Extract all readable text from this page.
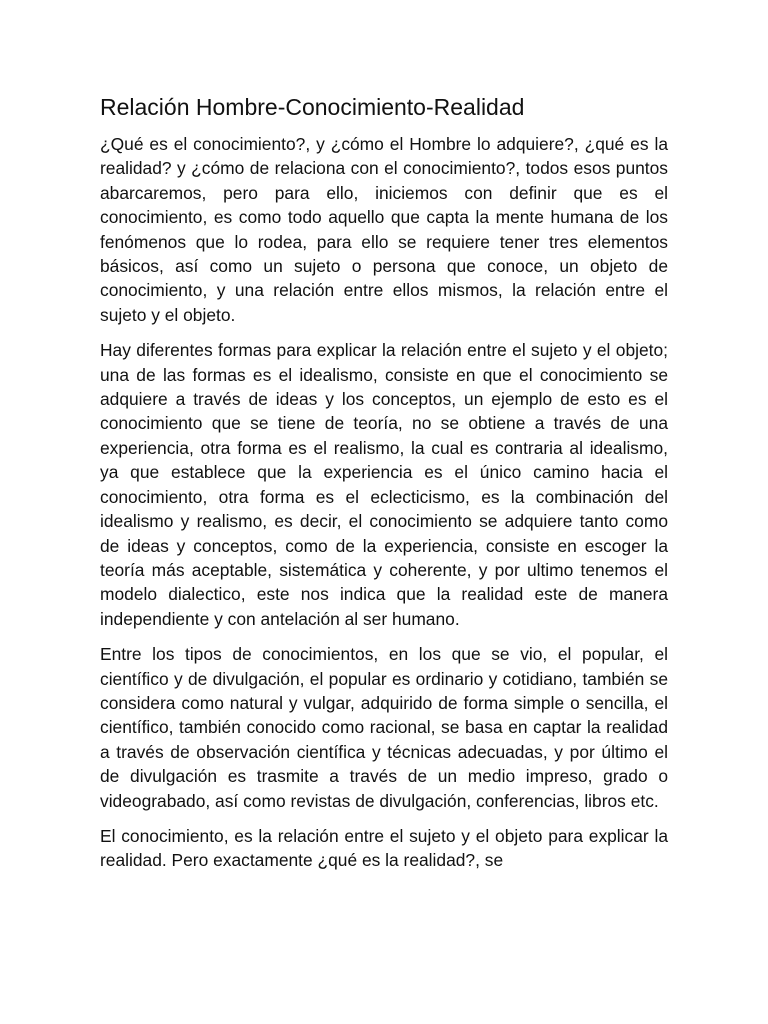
Relación Hombre-Conocimiento-Realidad

¿Qué es el conocimiento?, y ¿cómo el Hombre lo adquiere?, ¿qué es la realidad? y ¿cómo de relaciona con el conocimiento?, todos esos puntos abarcaremos, pero para ello, iniciemos con definir que es el conocimiento, es como todo aquello que capta la mente humana de los fenómenos que lo rodea, para ello se requiere tener tres elementos básicos, así como un sujeto o persona que conoce, un objeto de conocimiento, y una relación entre ellos mismos, la relación entre el sujeto y el objeto.

Hay diferentes formas para explicar la relación entre el sujeto y el objeto; una de las formas es el idealismo, consiste en que el conocimiento se adquiere a través de ideas y los conceptos, un ejemplo de esto es el conocimiento que se tiene de teoría, no se obtiene a través de una experiencia, otra forma es el realismo, la cual es contraria al idealismo, ya que establece que la experiencia es el único camino hacia el conocimiento, otra forma es el eclecticismo, es la combinación del idealismo y realismo, es decir, el conocimiento se adquiere tanto como de ideas y conceptos, como de la experiencia, consiste en escoger la teoría más aceptable, sistemática y coherente, y por ultimo tenemos el modelo dialectico, este nos indica que la realidad este de manera independiente y con antelación al ser humano.

Entre los tipos de conocimientos, en los que se vio, el popular, el científico y de divulgación, el popular es ordinario y cotidiano, también se considera como natural y vulgar, adquirido de forma simple o sencilla, el científico, también conocido como racional, se basa en captar la realidad a través de observación científica y técnicas adecuadas, y por último el de divulgación es trasmite a través de un medio impreso, grado o videograbado, así como revistas de divulgación, conferencias, libros etc.

El conocimiento, es la relación entre el sujeto y el objeto para explicar la realidad. Pero exactamente ¿qué es la realidad?, se
